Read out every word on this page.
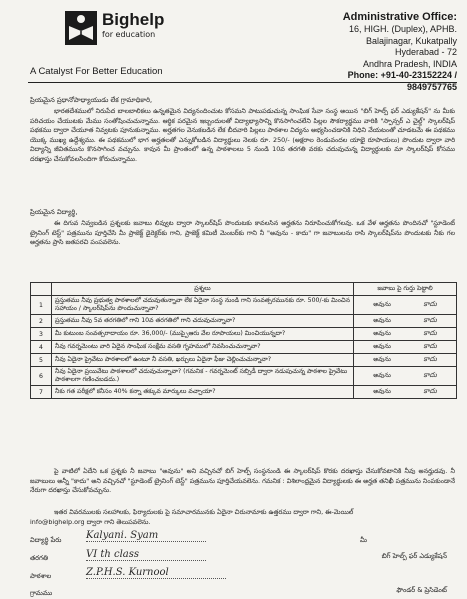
Bighelp
for education
A Catalyst For Better Education
Administrative Office:
16, HIGH. (Duplex), APHB.
Balajinagar, Kukatpally
Hyderabad - 72
Andhra Pradesh, INDIA
Phone: +91-40-23152224 / 9849757765
ప్రియమైన ప్రధానోపాధ్యాయుడు లేక గ్రామాధికారి,
భారతదేశములో నిరుపేద బాలబాలికలు ఉన్నతమైన విద్యనందించుట కోసమని పాటుపడుచున్న సాంఘిక సేవా సంస్థ అయిన "బిగ్ హెల్ప్ ఫర్ ఎడ్యుకేషన్" ను మీకు పరిచయం చేయుటకు మేము సంతోషించుచున్నాము. ఆర్థిక పరమైన ఇబ్బందులతో విద్యాభ్యాసాన్ని కొనసాగించలేని పిల్లల సౌకర్యార్థము వారికి "స్పాన్సర్ ఎ చైల్డ్" స్కాలర్‌షిప్ పథకము ద్వారా చేయూత నివ్వటకు పూనుకున్నాము. అర్హతగల వెనుకబడిన లేక బీదవారి పిల్లలు పాఠశాల విద్యను అభ్యసించడానికి నిధిని వేయటంతో చూడటమే ఈ పథకము యొక్క ముఖ్య ఉద్దేశ్యము. ఈ పథకములో భాగ అర్హతలతో ఎన్నుకోబడిన విద్యార్థులు నెలకు రూ. 250/- (అక్షరాల రెండువందల యాభై రూపాయలు) పొందుట ద్వారా వారి విద్యాన్ని జీవితమును కొనసాగించ వచ్చును. కావున మీ ప్రాంతంలో ఉన్న పాఠశాలలు 5 నుండి 10వ తరగతి వరకు చదువుచున్న విద్యార్థులకు మా స్కాలర్‌షిప్ కోసము దరఖాస్తు చేసుకోవలసిందిగా కోరుచున్నాము.
ప్రియమైన విద్యార్థి,
ఈ దిగువ నివ్వబడిన ప్రశ్నలకు జవాబు లివ్వుట ద్వారా స్కాలర్‌షిప్ పొందుటకు కావలసిన అర్హతను నిరూపించుకోగలవు. ఒక వేళ అర్హతను పొందినచో "స్టూడెంట్ ట్రైనింగ్ టెస్ట్" పత్రమును పూర్తిచేసి మీ ప్రాజెక్ట్ డైరెక్టర్‌కు గాని, ప్రాజెక్ట్ కమిటీ మెంబర్‌కు గాని నీ "అవును - కాదు" గా జవాబులను రాసి స్కాలర్‌షిప్‌ను పొందుటకు నీకు గల అర్హతను ప్రాసి జతపరచి పంపవలెను.
	ప్రశ్నలు	జవాబు పై గుర్తు పెట్టాలి
1	ప్రస్తుతము నీవు ప్రభుత్వ పాఠశాలలో చదువుతున్నావా లేక ఏదైనా సంస్థ నుండి గాని సంవత్సరమునకు రూ. 500/-కు మించిన సహాయం / స్కాలర్‌షిప్‌ను పొందుచున్నావా?	అవును కాదు

2	ప్రస్తుతము నీవు 5వ తరగతిలో గాని 10వ తరగతిలో గాని చదువుచున్నావా?	అవును కాదు

3	మీ కుటుంబ సంవత్సరాదాయం రూ. 36,000/- (ముప్పైఆరు వేల రూపాయలు) మించియున్నదా?	అవును కాదు

4	నీవు గవర్నమెంటు వారి ఏదైన సాంఘిక సంక్షేమ వసతి గృహములో నివసించుచున్నావా?	అవును కాదు

5	నీవు ఏదైనా ప్రైవేటు పాఠశాలలో ఉంటూ నీ వసతి, ఖర్చులు ఏదైనా ఫీజు చెల్లించుచున్నావా?	అవును కాదు

6	నీవు ఏదైనా ప్రయివేటు పాఠశాలలో చదువుచున్నావా? (గమనిక - గవర్నమెంట్ సబ్సిడీ ద్వారా నడుపుచున్న పాఠశాల ప్రైవేటు పాఠశాలగా గణించబడదు.)	అవును కాదు

7	నీకు గత పరీక్షలో కనీసం 40% కన్నా తక్కువ మార్కులు వచ్చాయా?	అవును కాదు
పై వాటిలో ఏదేని ఒక ప్రశ్నకు నీ జవాబు "అవును" అని వచ్చినచో బిగ్ హెల్ప్ సంస్థనుండి ఈ స్కాలర్‌షిప్ కొరకు దరఖాస్తు చేసుకోవటానికి నీవు అనర్హుడవు. నీ జవాబులు అన్నీ "కాదు" అని వచ్చినచో "స్టూడెంట్ ట్రైనింగ్ టెస్ట్" పత్రమును పూర్తిచేయవలెను. గమనిక : విశిలాంధ్రమైన విద్యార్థులకు ఈ అర్హత తనిఖీ పత్రమును నింపకుండానే నేరుగా దరఖాస్తు చేసుకోవచ్చును.
ఇతర వివరములకు సలహాలకు, ఫిర్యాదులకు పై సమాచారమునకు ఏదైనా చిరునామాకు ఉత్తరము ద్వారా గాని, ఈ-మెయిల్
info@bighelp.org ద్వారా గాని తెలుపవలెను.
విద్యార్థి పేరు Kalyani. Syam
తరగతి	VI th class
పాఠశాల	Z.P.H.S. Kurnool
గ్రామము
మీ
బిగ్ హెల్ప్ ఫర్ ఎడ్యుకేషన్
ఫౌండర్ & ప్రెసిడెంట్
